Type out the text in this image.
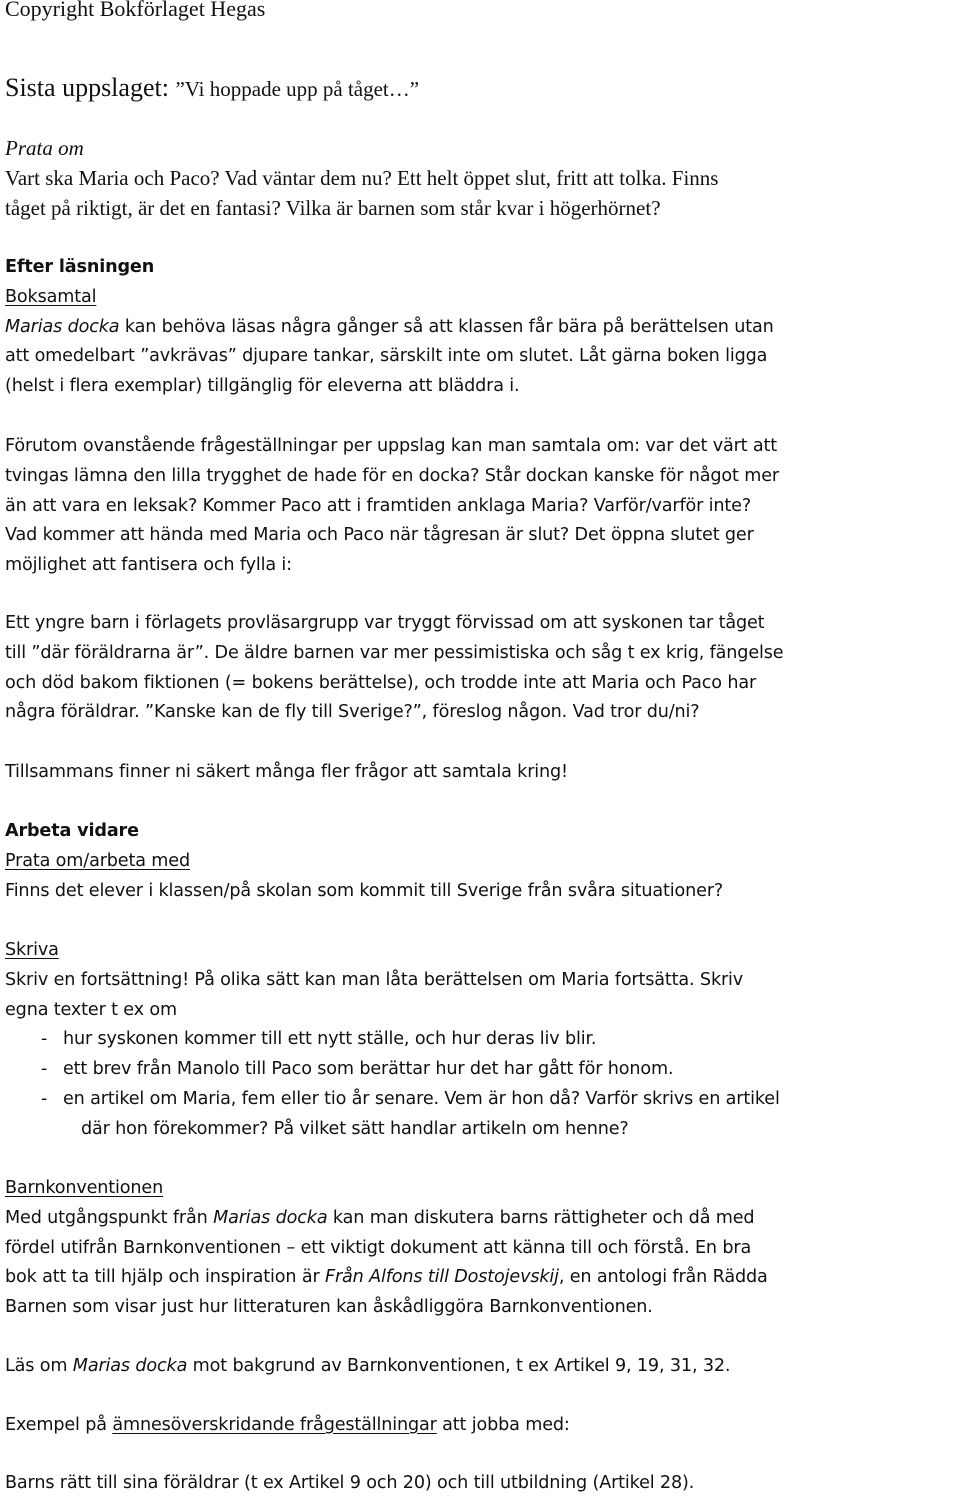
Copyright Bokförlaget Hegas
Sista uppslaget: ”Vi hoppade upp på tåget…”
Prata om
Vart ska Maria och Paco? Vad väntar dem nu? Ett helt öppet slut, fritt att tolka. Finns
tåget på riktigt, är det en fantasi? Vilka är barnen som står kvar i högerhörnet?
Efter läsningen
Boksamtal
Marias docka kan behöva läsas några gånger så att klassen får bära på berättelsen utan
att omedelbart ”avkrävas” djupare tankar, särskilt inte om slutet. Låt gärna boken ligga
(helst i flera exemplar) tillgänglig för eleverna att bläddra i.
Förutom ovanstående frågeställningar per uppslag kan man samtala om: var det värt att
tvingas lämna den lilla trygghet de hade för en docka? Står dockan kanske för något mer
än att vara en leksak? Kommer Paco att i framtiden anklaga Maria? Varför/varför inte?
Vad kommer att hända med Maria och Paco när tågresan är slut? Det öppna slutet ger
möjlighet att fantisera och fylla i:
Ett yngre barn i förlagets provläsargrupp var tryggt förvissad om att syskonen tar tåget
till ”där föräldrarna är”. De äldre barnen var mer pessimistiska och såg t ex krig, fängelse
och död bakom fiktionen (= bokens berättelse), och trodde inte att Maria och Paco har
några föräldrar. ”Kanske kan de fly till Sverige?”, föreslog någon. Vad tror du/ni?
Tillsammans finner ni säkert många fler frågor att samtala kring!
Arbeta vidare
Prata om/arbeta med
Finns det elever i klassen/på skolan som kommit till Sverige från svåra situationer?
Skriva
Skriv en fortsättning! På olika sätt kan man låta berättelsen om Maria fortsätta. Skriv
egna texter t ex om
- hur syskonen kommer till ett nytt ställe, och hur deras liv blir.
- ett brev från Manolo till Paco som berättar hur det har gått för honom.
- en artikel om Maria, fem eller tio år senare. Vem är hon då? Varför skrivs en artikel
där hon förekommer? På vilket sätt handlar artikeln om henne?
Barnkonventionen
Med utgångspunkt från Marias docka kan man diskutera barns rättigheter och då med
fördel utifrån Barnkonventionen – ett viktigt dokument att känna till och förstå. En bra
bok att ta till hjälp och inspiration är Från Alfons till Dostojevskij, en antologi från Rädda
Barnen som visar just hur litteraturen kan åskådliggöra Barnkonventionen.
Läs om Marias docka mot bakgrund av Barnkonventionen, t ex Artikel 9, 19, 31, 32.
Exempel på ämnesöverskridande frågeställningar att jobba med:
Barns rätt till sina föräldrar (t ex Artikel 9 och 20) och till utbildning (Artikel 28).
